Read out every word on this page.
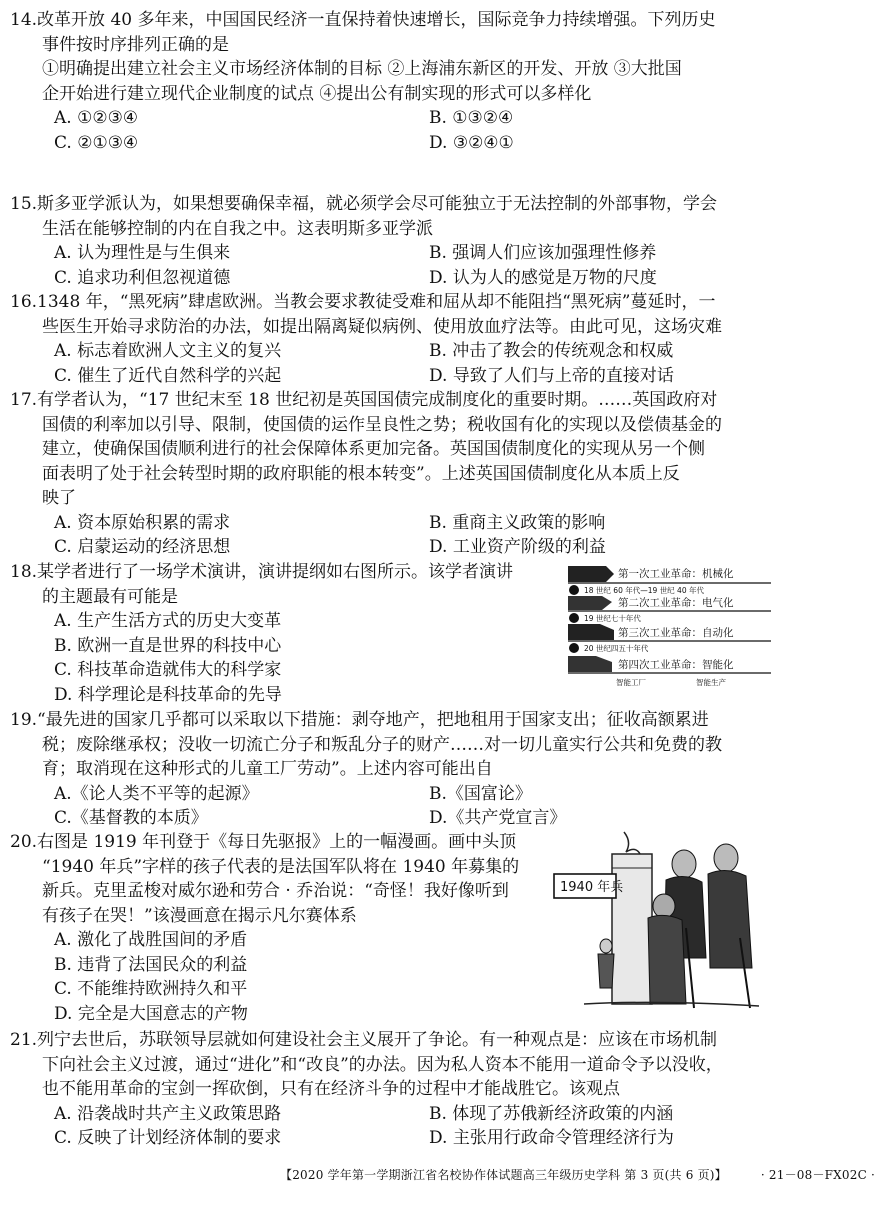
14.改革开放 40 多年来，中国国民经济一直保持着快速增长，国际竞争力持续增强。下列历史
事件按时序排列正确的是
①明确提出建立社会主义市场经济体制的目标 ②上海浦东新区的开发、开放 ③大批国
企开始进行建立现代企业制度的试点 ④提出公有制实现的形式可以多样化
A. ①②③④	B. ①③②④
C. ②①③④	D. ③②④①
15.斯多亚学派认为，如果想要确保幸福，就必须学会尽可能独立于无法控制的外部事物，学会
生活在能够控制的内在自我之中。这表明斯多亚学派
A. 认为理性是与生俱来	B. 强调人们应该加强理性修养
C. 追求功利但忽视道德	D. 认为人的感觉是万物的尺度
16.1348 年，“黑死病”肆虐欧洲。当教会要求教徒受难和屈从却不能阻挡“黑死病”蔓延时，一
些医生开始寻求防治的办法，如提出隔离疑似病例、使用放血疗法等。由此可见，这场灾难
A. 标志着欧洲人文主义的复兴	B. 冲击了教会的传统观念和权威
C. 催生了近代自然科学的兴起	D. 导致了人们与上帝的直接对话
17.有学者认为，“17 世纪末至 18 世纪初是英国国债完成制度化的重要时期。……英国政府对
国债的利率加以引导、限制，使国债的运作呈良性之势；税收国有化的实现以及偿债基金的
建立，使确保国债顺利进行的社会保障体系更加完备。英国国债制度化的实现从另一个侧
面表明了处于社会转型时期的政府职能的根本转变”。上述英国国债制度化从本质上反
映了
A. 资本原始积累的需求	B. 重商主义政策的影响
C. 启蒙运动的经济思想	D. 工业资产阶级的利益
18.某学者进行了一场学术演讲，演讲提纲如右图所示。该学者演讲
的主题最有可能是
A. 生产生活方式的历史大变革
B. 欧洲一直是世界的科技中心
C. 科技革命造就伟大的科学家
D. 科学理论是科技革命的先导
第一次工业革命：机械化
18 世纪 60 年代—19 世纪 40 年代
第二次工业革命：电气化
19 世纪七十年代
第三次工业革命：自动化
20 世纪四五十年代
第四次工业革命：智能化
智能工厂	智能生产
19.“最先进的国家几乎都可以采取以下措施：剥夺地产，把地租用于国家支出；征收高额累进
税；废除继承权；没收一切流亡分子和叛乱分子的财产……对一切儿童实行公共和免费的教
育；取消现在这种形式的儿童工厂劳动”。上述内容可能出自
A.《论人类不平等的起源》	B.《国富论》
C.《基督教的本质》	D.《共产党宣言》
20.右图是 1919 年刊登于《每日先驱报》上的一幅漫画。画中头顶
“1940 年兵”字样的孩子代表的是法国军队将在 1940 年募集的
新兵。克里孟梭对威尔逊和劳合 · 乔治说：“奇怪！我好像听到
有孩子在哭！”该漫画意在揭示凡尔赛体系
A. 激化了战胜国间的矛盾
B. 违背了法国民众的利益
C. 不能维持欧洲持久和平
D. 完全是大国意志的产物
1940 年兵
21.列宁去世后，苏联领导层就如何建设社会主义展开了争论。有一种观点是：应该在市场机制
下向社会主义过渡，通过“进化”和“改良”的办法。因为私人资本不能用一道命令予以没收，
也不能用革命的宝剑一挥砍倒，只有在经济斗争的过程中才能战胜它。该观点
A. 沿袭战时共产主义政策思路	B. 体现了苏俄新经济政策的内涵
C. 反映了计划经济体制的要求	D. 主张用行政命令管理经济行为
【2020 学年第一学期浙江省名校协作体试题高三年级历史学科 第 3 页(共 6 页)】	· 21－08－FX02C ·
